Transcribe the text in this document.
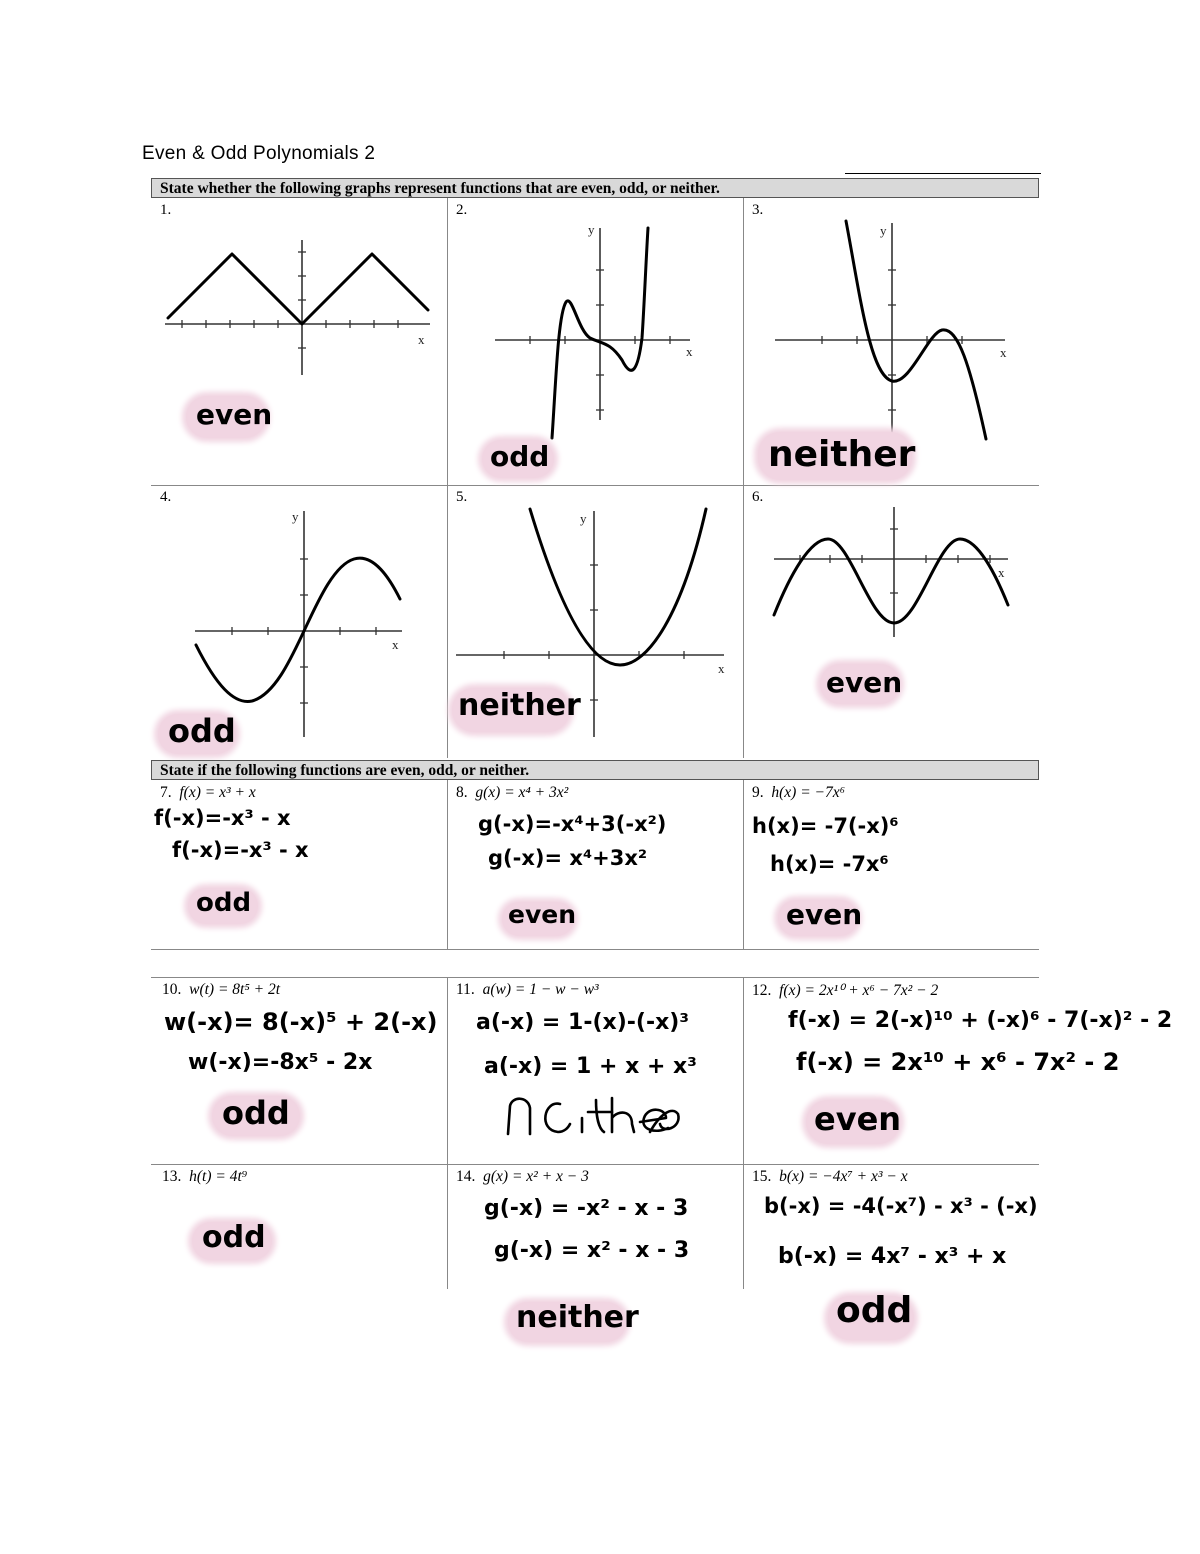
Even & Odd Polynomials 2
State whether the following graphs represent functions that are even, odd, or neither.
1.	2.	3.
4.	5.	6.
x
even
x
y
odd
x
y
neither
x
y
odd
x
y
neither
x
even
State if the following functions are even, odd, or neither.
7. f(x) = x³ + x
f(-x)=-x³ - x
f(-x)=-x³ - x
odd
8. g(x) = x⁴ + 3x²
g(-x)=-x⁴+3(-x²)
g(-x)= x⁴+3x²
even
9. h(x) = −7x⁶
h(x)= -7(-x)⁶
h(x)= -7x⁶
even
10. w(t) = 8t⁵ + 2t
w(-x)= 8(-x)⁵ + 2(-x)
w(-x)=-8x⁵ - 2x
odd
11. a(w) = 1 − w − w³
a(-x) = 1-(x)-(-x)³
a(-x) = 1 + x + x³
12. f(x) = 2x¹⁰ + x⁶ − 7x² − 2
f(-x) = 2(-x)¹⁰ + (-x)⁶ - 7(-x)² - 2
f(-x) = 2x¹⁰ + x⁶ - 7x² - 2
even
13. h(t) = 4t⁹
odd
14. g(x) = x² + x − 3
g(-x) = -x² - x - 3
g(-x) = x² - x - 3
neither
15. b(x) = −4x⁷ + x³ − x
b(-x) = -4(-x⁷) - x³ - (-x)
b(-x) = 4x⁷ - x³ + x
odd
